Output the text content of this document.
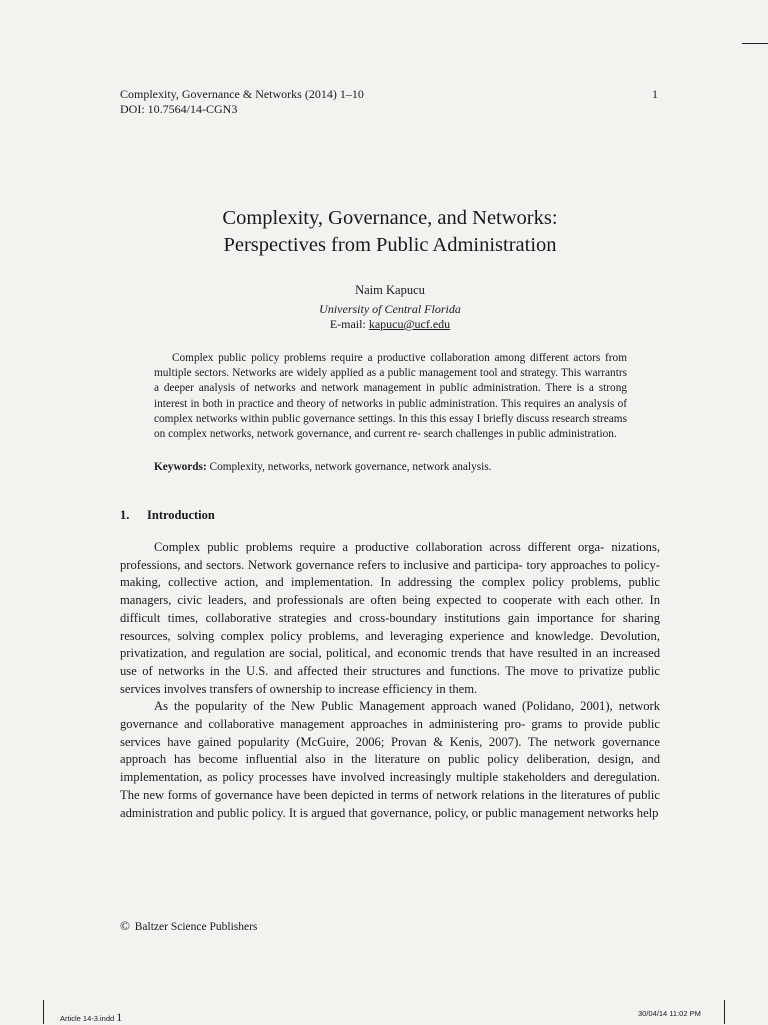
Complexity, Governance & Networks (2014) 1–10
DOI: 10.7564/14-CGN3
1
Complexity, Governance, and Networks:
Perspectives from Public Administration
Naim Kapucu
University of Central Florida
E-mail: kapucu@ucf.edu

Complex public policy problems require a productive collaboration among different actors from multiple sectors. Networks are widely applied as a public management tool and strategy. This warrantrs a deeper analysis of networks and network management in public administration. There is a strong interest in both in practice and theory of networks in public administration. This requires an analysis of complex networks within public governance settings. In this this essay I briefly discuss research streams on complex networks, network governance, and current re- search challenges in public administration.

Keywords: Complexity, networks, network governance, network analysis.
1. Introduction

Complex public problems require a productive collaboration across different orga- nizations, professions, and sectors. Network governance refers to inclusive and participa- tory approaches to policy-making, collective action, and implementation. In addressing the complex policy problems, public managers, civic leaders, and professionals are often being expected to cooperate with each other. In difficult times, collaborative strategies and cross-boundary institutions gain importance for sharing resources, solving complex policy problems, and leveraging experience and knowledge. Devolution, privatization, and regulation are social, political, and economic trends that have resulted in an increased use of networks in the U.S. and affected their structures and functions. The move to privatize public services involves transfers of ownership to increase efficiency in them.

As the popularity of the New Public Management approach waned (Polidano, 2001), network governance and collaborative management approaches in administering pro- grams to provide public services have gained popularity (McGuire, 2006; Provan & Kenis, 2007). The network governance approach has become influential also in the literature on public policy deliberation, design, and implementation, as policy processes have involved increasingly multiple stakeholders and deregulation. The new forms of governance have been depicted in terms of network relations in the literatures of public administration and public policy. It is argued that governance, policy, or public management networks help

© Baltzer Science Publishers
Article 14-3.indd 1	30/04/14 11:02 PM
